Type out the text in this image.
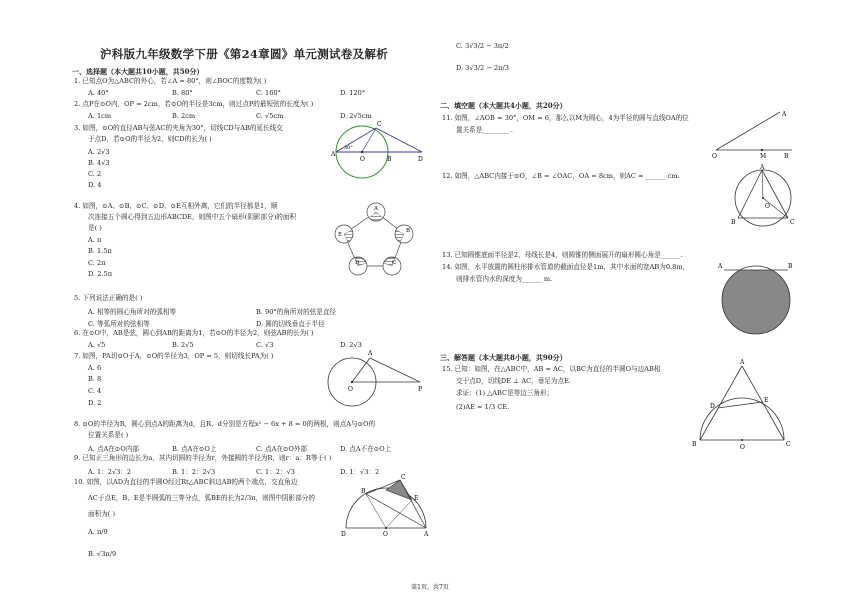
沪科版九年级数学下册《第24章圆》单元测试卷及解析
一、选择题（本大题共10小题，共50分）
1. 已知点O为△ABC的外心，若∠A = 80°，则∠BOC的度数为( )
A. 40°	B. 80°	C. 160°	D. 120°
2. 点P在⊙O内，OP = 2cm，若⊙O的半径是3cm，则过点P的最短弦的长度为( )
A. 1cm	B. 2cm	C. √5cm	D. 2√5cm
3. 如图，⊙O的直径AB与弦AC的夹角为30°，切线CD与AB的延长线交
于点D，若⊙O的半径为2，则CD的长为( )
A. 2√3
B. 4√3
C. 2
D. 4
A
C
O	B	D
30°
4. 如图，⊙A、⊙B、⊙C、⊙D、⊙E互相外离，它们的半径都是1，顺
次连接五个圆心得到五边形ABCDE，则图中五个扇形(阴影部分)的面积
是( )
A. π
B. 1.5π
C. 2π
D. 2.5π
A
B
C
D
E
5. 下列说法正确的是( )
A. 相等的圆心角所对的弧相等	B. 90°的角所对的弦是直径
C. 等弧所对的弦相等	D. 圆的切线垂直于半径
6. 在⊙O中，AB是弦，圆心到AB的距离为1，若⊙O的半径为2，则弦AB的长为( )
A. √5	B. 2√5	C. √3	D. 2√3
7. 如图，PA切⊙O于A，⊙O的半径为3，OP = 5，则切线长PA为( )
A. 6
B. 8
C. 4
D. 2
A
O	P
8. ⊙O的半径为R，圆心到点A的距离为d，且R、d分别是方程x² − 6x + 8 = 0的两根，则点A与⊙O的
位置关系是( )
A. 点A在⊙O内部	B. 点A在⊙O上	C. 点A在⊙O外部	D. 点A不在⊙O上
9. 已知正三角形的边长为a，其内切圆的半径为r，外接圆的半径为R，则r：a：R等于( )
A. 1：2√3：2	B. 1：2：2√3	C. 1：2：√3	D. 1：√3：2
10. 如图，以AD为直径的半圆O经过Rt△ABC斜边AB的两个端点，交直角边
AC于点E，B、E是半圆弧的三等分点，弧BE的长为2/3π，则图中阴影部分的
面积为( )
A. π/9
B. √3π/9
B
C
E
D	O	A
C. 3√3/2 − 3π/2
D. 3√3/2 − 2π/3
二、填空题（本大题共4小题，共20分）
11. 如图，∠AOB = 30°，OM = 6，那么以M为圆心，4为半径的圆与直线OA的位
置关系是________ .
O	M	B
A
12. 如图，△ABC内接于⊙O，∠B = ∠OAC，OA = 8cm，则AC = ______ cm.
A
B	C
O
13. 已知圆锥底面半径是2，母线长是4，则圆锥的侧面展开的扇形圆心角是______.
14. 如图，水平放置的圆柱形排水管道的截面直径是1m，其中水面的宽AB为0.8m，
则排水管内水的深度为______ m.
A	B
三、解答题（本大题共8小题，共90分）
15. 已知：如图，在△ABC中，AB = AC，以BC为直径的半圆O与边AB相
交于点D，切线DE ⊥ AC，垂足为点E.
求证：(1) △ABC是等边三角形；
(2)AE = 1/3 CE.
A
B	C
D
E
O
第1页，共7页
